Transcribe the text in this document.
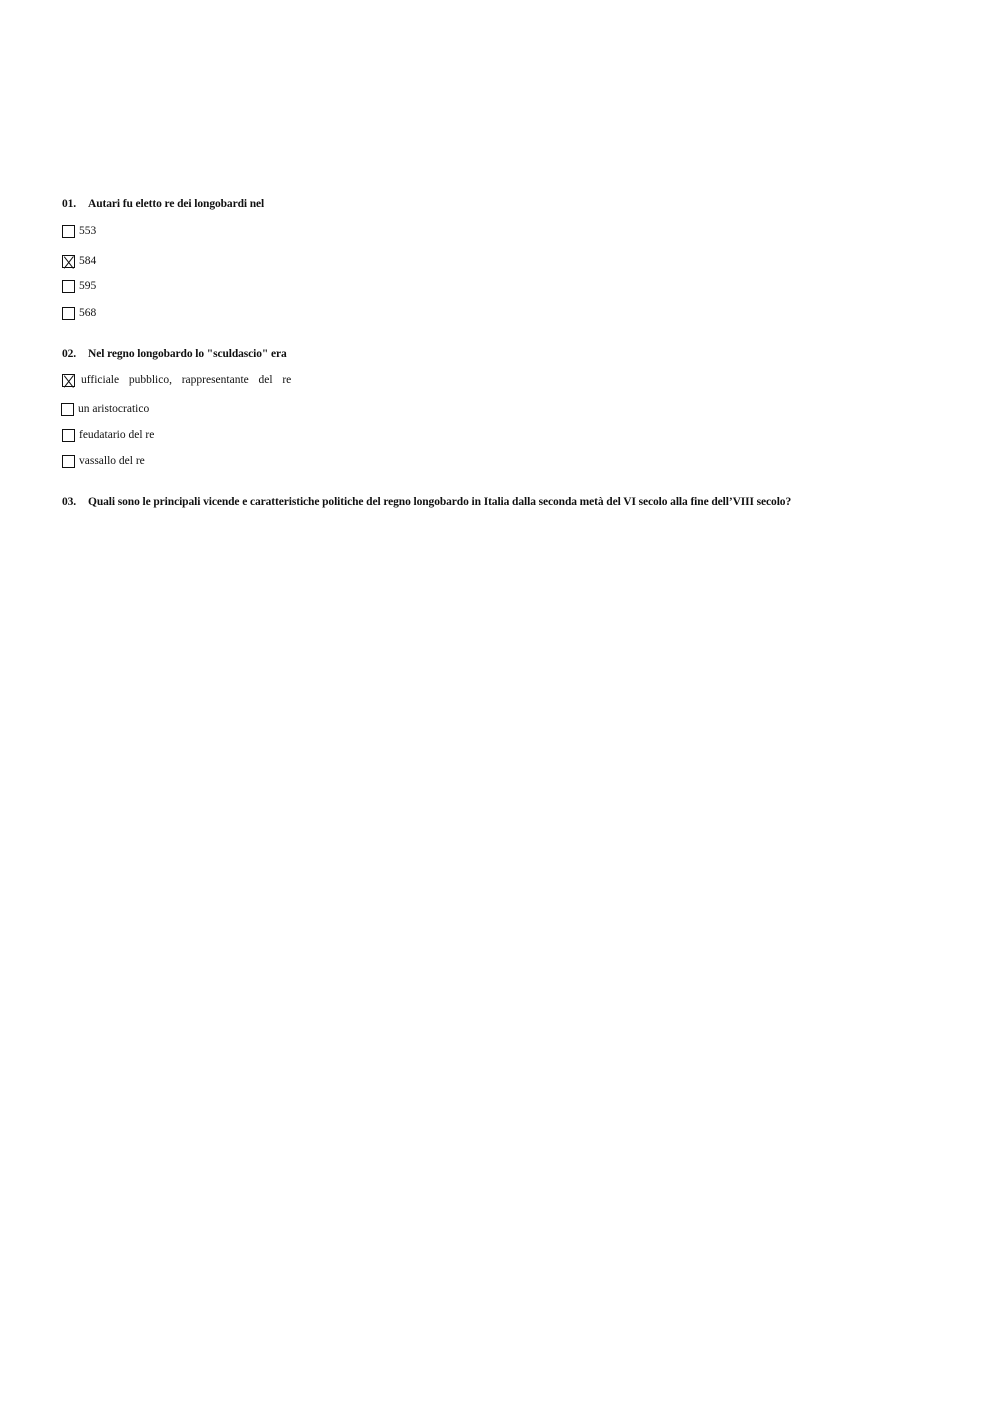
01. Autari fu eletto re dei longobardi nel
553
584
595
568
02. Nel regno longobardo lo "sculdascio" era
ufficiale  pubblico,  rappresentante  del  re
un aristocratico
feudatario del re
vassallo del re
03. Quali sono le principali vicende e caratteristiche politiche del regno longobardo in Italia dalla seconda metà del VI secolo alla fine dell’VIII secolo?
